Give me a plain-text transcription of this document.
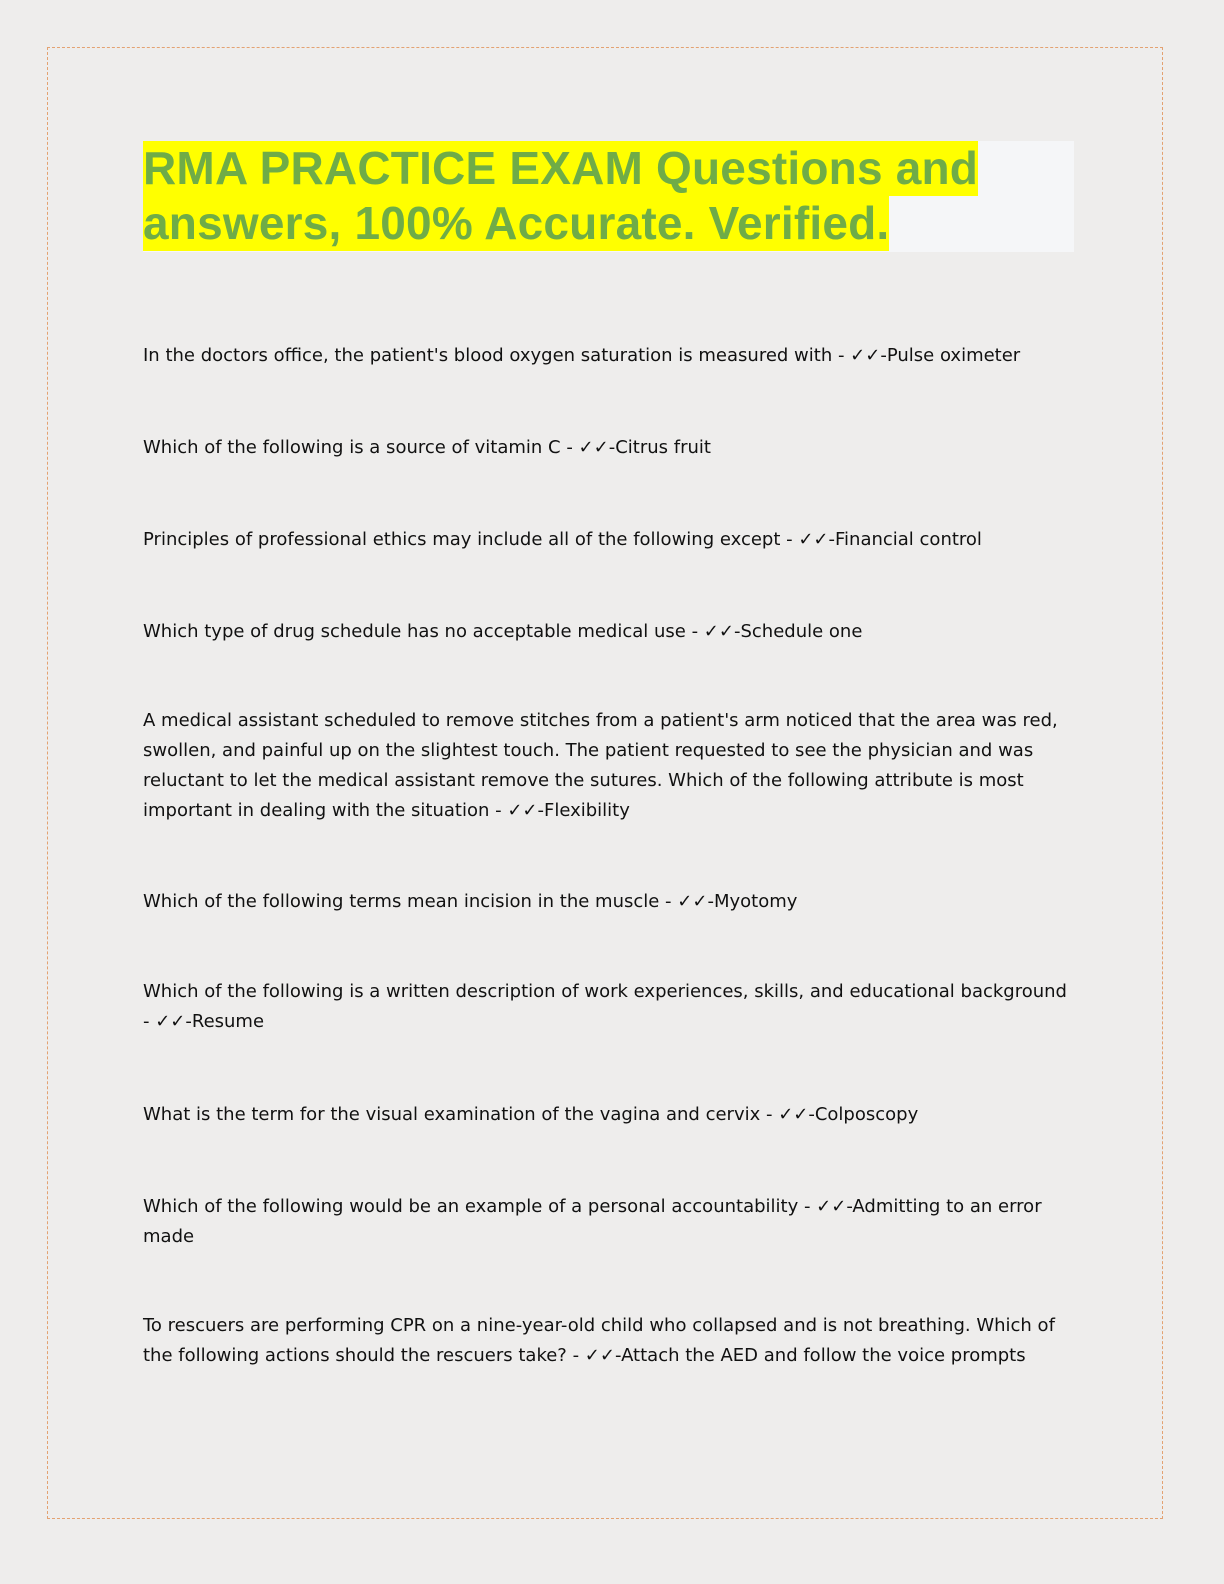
RMA PRACTICE EXAM Questions and
answers, 100% Accurate. Verified.

In the doctors office, the patient's blood oxygen saturation is measured with - ✓✓-Pulse oximeter

Which of the following is a source of vitamin C - ✓✓-Citrus fruit

Principles of professional ethics may include all of the following except - ✓✓-Financial control

Which type of drug schedule has no acceptable medical use - ✓✓-Schedule one

A medical assistant scheduled to remove stitches from a patient's arm noticed that the area was red, swollen, and painful up on the slightest touch. The patient requested to see the physician and was reluctant to let the medical assistant remove the sutures. Which of the following attribute is most important in dealing with the situation - ✓✓-Flexibility

Which of the following terms mean incision in the muscle - ✓✓-Myotomy

Which of the following is a written description of work experiences, skills, and educational background - ✓✓-Resume

What is the term for the visual examination of the vagina and cervix - ✓✓-Colposcopy

Which of the following would be an example of a personal accountability - ✓✓-Admitting to an error made

To rescuers are performing CPR on a nine-year-old child who collapsed and is not breathing. Which of the following actions should the rescuers take? - ✓✓-Attach the AED and follow the voice prompts
